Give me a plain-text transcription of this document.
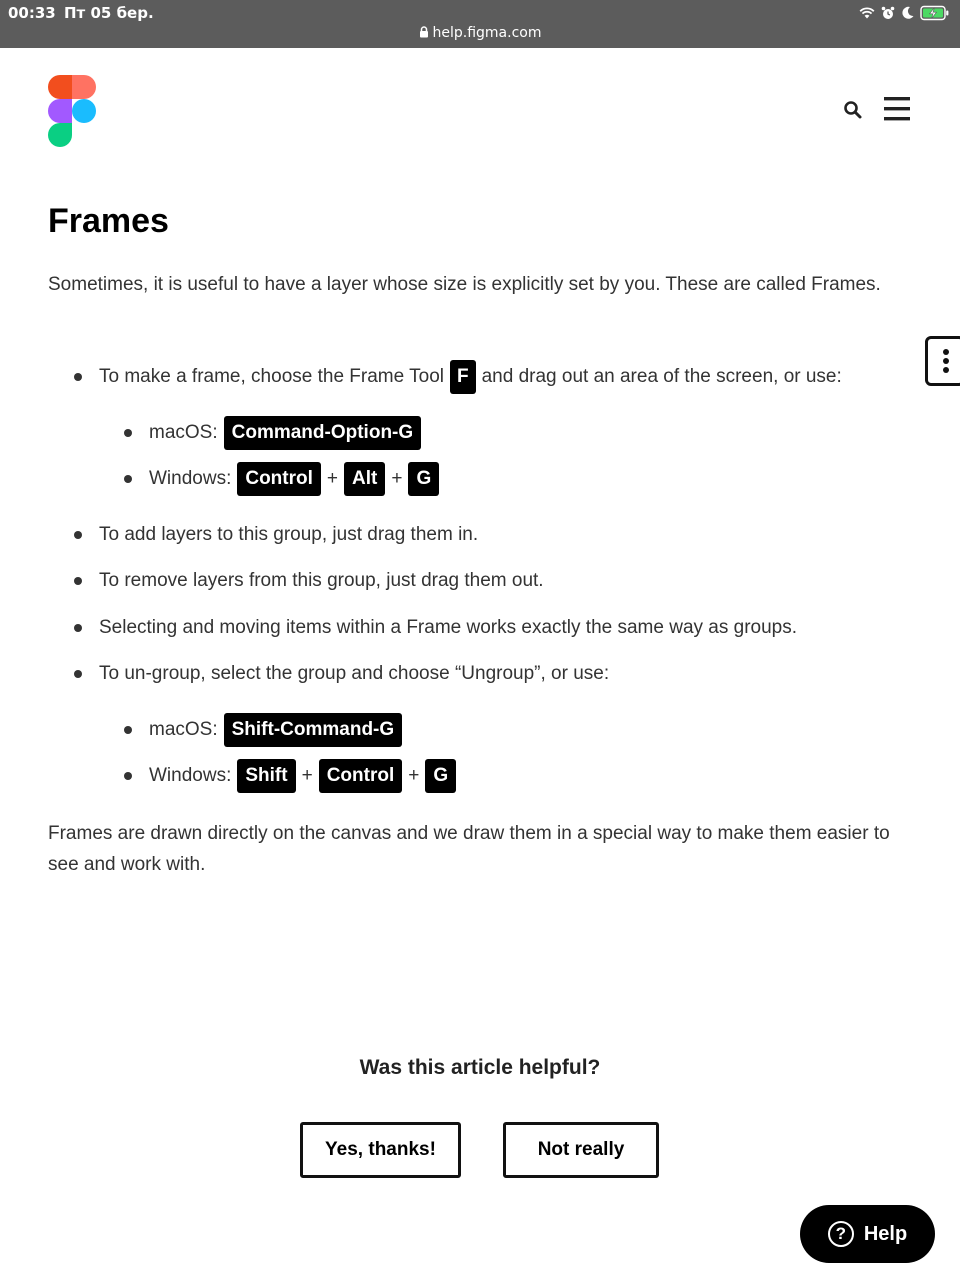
00:33 Пт 05 бер.
help.figma.com
Frames

Sometimes, it is useful to have a layer whose size is explicitly set by you. These are called Frames.

To make a frame, choose the Frame Tool F and drag out an area of the screen, or use:
macOS: Command-Option-G
Windows: Control + Alt + G
To add layers to this group, just drag them in.
To remove layers from this group, just drag them out.
Selecting and moving items within a Frame works exactly the same way as groups.
To un-group, select the group and choose “Ungroup”, or use:
macOS: Shift-Command-G
Windows: Shift + Control + G

Frames are drawn directly on the canvas and we draw them in a special way to make them easier to see and work with.

Was this article helpful?
Yes, thanks!	Not really
? Help
